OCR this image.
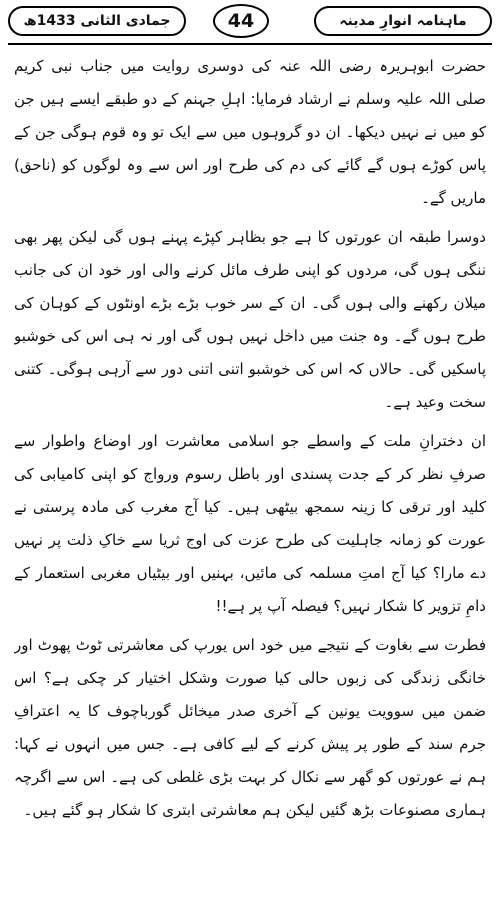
ماہنامہ انوارِ مدینہ
44
جمادی الثانی 1433ھ

حضرت ابوہریرہ رضی اللہ عنہ کی دوسری روایت میں جناب نبی کریم صلی اللہ علیہ وسلم نے ارشاد فرمایا: اہلِ جہنم کے دو طبقے ایسے ہیں جن کو میں نے نہیں دیکھا۔ ان دو گروہوں میں سے ایک تو وہ قوم ہوگی جن کے پاس کوڑے ہوں گے گائے کی دم کی طرح اور اس سے وہ لوگوں کو (ناحق) ماریں گے۔

دوسرا طبقہ ان عورتوں کا ہے جو بظاہر کپڑے پہنے ہوں گی لیکن پھر بھی ننگی ہوں گی، مردوں کو اپنی طرف مائل کرنے والی اور خود ان کی جانب میلان رکھنے والی ہوں گی۔ ان کے سر خوب بڑے بڑے اونٹوں کے کوہان کی طرح ہوں گے۔ وہ جنت میں داخل نہیں ہوں گی اور نہ ہی اس کی خوشبو پاسکیں گی۔ حالاں کہ اس کی خوشبو اتنی اتنی دور سے آرہی ہوگی۔ کتنی سخت وعید ہے۔

ان دخترانِ ملت کے واسطے جو اسلامی معاشرت اور اوضاع واطوار سے صرفِ نظر کر کے جدت پسندی اور باطل رسوم ورواج کو اپنی کامیابی کی کلید اور ترقی کا زینہ سمجھ بیٹھی ہیں۔ کیا آج مغرب کی مادہ پرستی نے عورت کو زمانہ جاہلیت کی طرح عزت کی اوج ثریا سے خاکِ ذلت پر نہیں دے مارا؟ کیا آج امتِ مسلمہ کی مائیں، بہنیں اور بیٹیاں مغربی استعمار کے دامِ تزویر کا شکار نہیں؟ فیصلہ آپ پر ہے!!

فطرت سے بغاوت کے نتیجے میں خود اس یورپ کی معاشرتی ٹوٹ پھوٹ اور خانگی زندگی کی زبوں حالی کیا صورت وشکل اختیار کر چکی ہے؟ اس ضمن میں سوویت یونین کے آخری صدر میخائل گورباچوف کا یہ اعترافِ جرم سند کے طور پر پیش کرنے کے لیے کافی ہے۔ جس میں انہوں نے کہا: ہم نے عورتوں کو گھر سے نکال کر بہت بڑی غلطی کی ہے۔ اس سے اگرچہ ہماری مصنوعات بڑھ گئیں لیکن ہم معاشرتی ابتری کا شکار ہو گئے ہیں۔
